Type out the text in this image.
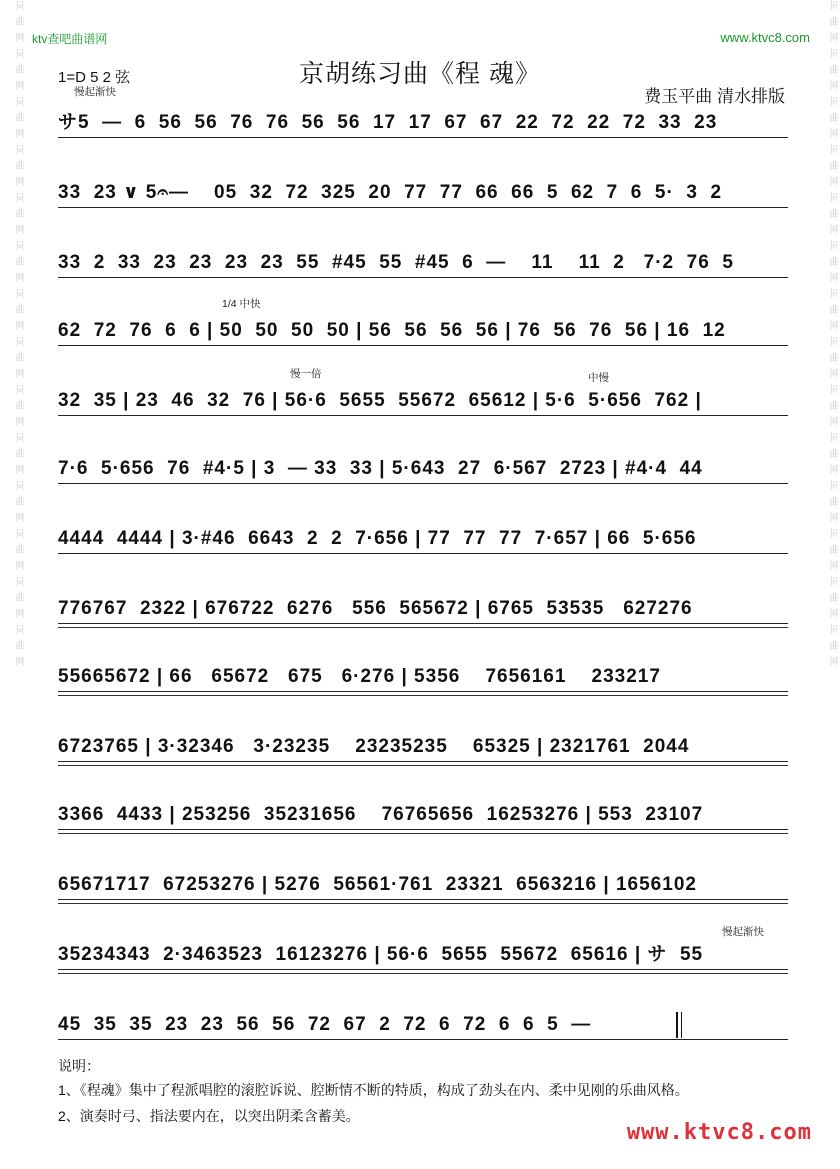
词曲网词曲网词曲网词曲网词曲网词曲网词曲网词曲网词曲网词曲网词曲网词曲网词曲网词曲网	词曲网词曲网词曲网词曲网词曲网词曲网词曲网词曲网词曲网词曲网词曲网词曲网词曲网词曲网
ktv查吧曲谱网	www.ktvc8.com
京胡练习曲《程 魂》
1=D 5 2 弦
费玉平曲 清水排版
慢起渐快
1/4 中快
慢一倍	中慢
慢起渐快
サ5  —  6  56  56  76  76  56  56  17  17  67  67  22  72  22  72  33  23
33  23 ∨ 5𝄐—    05  32  72  325  20  77  77  66  66  5  62  7  6  5·  3  2
33  2  33  23  23  23  23  55  #45  55  #45  6  —    11    11  2   7·2  76  5
62  72  76  6  6 | 50  50  50  50 | 56  56  56  56 | 76  56  76  56 | 16  12
32  35 | 23  46  32  76 | 56·6  5655  55672  65612 | 5·6  5·656  762 |
7·6  5·656  76  #4·5 | 3  — 33  33 | 5·643  27  6·567  2723 | #4·4  44
4444  4444 | 3·#46  6643  2  2  7·656 | 77  77  77  7·657 | 66  5·656
776767  2322 | 676722  6276   556  565672 | 6765  53535   627276
55665672 | 66   65672   675   6·276 | 5356    7656161    233217
6723765 | 3·32346   3·23235    23235235    65325 | 2321761  2044
3366  4433 | 253256  35231656    76765656  16253276 | 553  23107
65671717  67253276 | 5276  56561·761  23321  6563216 | 1656102
35234343  2·3463523  16123276 | 56·6  5655  55672  65616 | サ  55
45  35  35  23  23  56  56  72  67  2  72  6  72  6  6  5  —
说明：
1、《程魂》集中了程派唱腔的滚腔诉说、腔断情不断的特质，构成了劲头在内、柔中见刚的乐曲风格。
2、演奏时弓、指法要内在，以突出阴柔含蓄美。
www.ktvc8.com
